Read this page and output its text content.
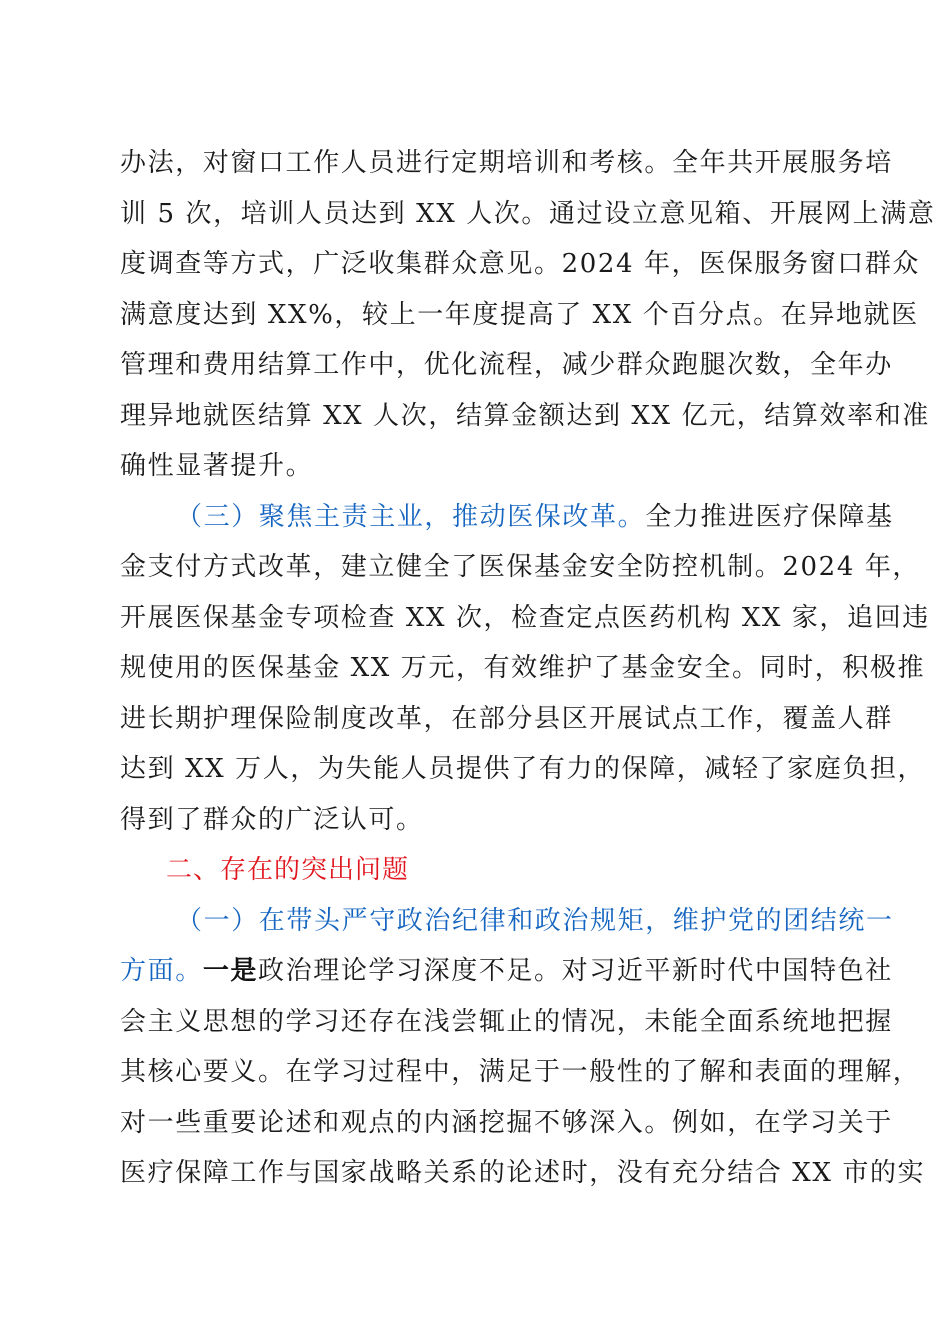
办法，对窗口工作人员进行定期培训和考核。全年共开展服务培
训 5 次，培训人员达到 XX 人次。通过设立意见箱、开展网上满意
度调查等方式，广泛收集群众意见。2024 年，医保服务窗口群众
满意度达到 XX%，较上一年度提高了 XX 个百分点。在异地就医
管理和费用结算工作中，优化流程，减少群众跑腿次数，全年办
理异地就医结算 XX 人次，结算金额达到 XX 亿元，结算效率和准
确性显著提升。
（三）聚焦主责主业，推动医保改革。全力推进医疗保障基
金支付方式改革，建立健全了医保基金安全防控机制。2024 年，
开展医保基金专项检查 XX 次，检查定点医药机构 XX 家，追回违
规使用的医保基金 XX 万元，有效维护了基金安全。同时，积极推
进长期护理保险制度改革，在部分县区开展试点工作，覆盖人群
达到 XX 万人，为失能人员提供了有力的保障，减轻了家庭负担，
得到了群众的广泛认可。
二、存在的突出问题
（一）在带头严守政治纪律和政治规矩，维护党的团结统一
方面。一是政治理论学习深度不足。对习近平新时代中国特色社
会主义思想的学习还存在浅尝辄止的情况，未能全面系统地把握
其核心要义。在学习过程中，满足于一般性的了解和表面的理解，
对一些重要论述和观点的内涵挖掘不够深入。例如，在学习关于
医疗保障工作与国家战略关系的论述时，没有充分结合 XX 市的实
